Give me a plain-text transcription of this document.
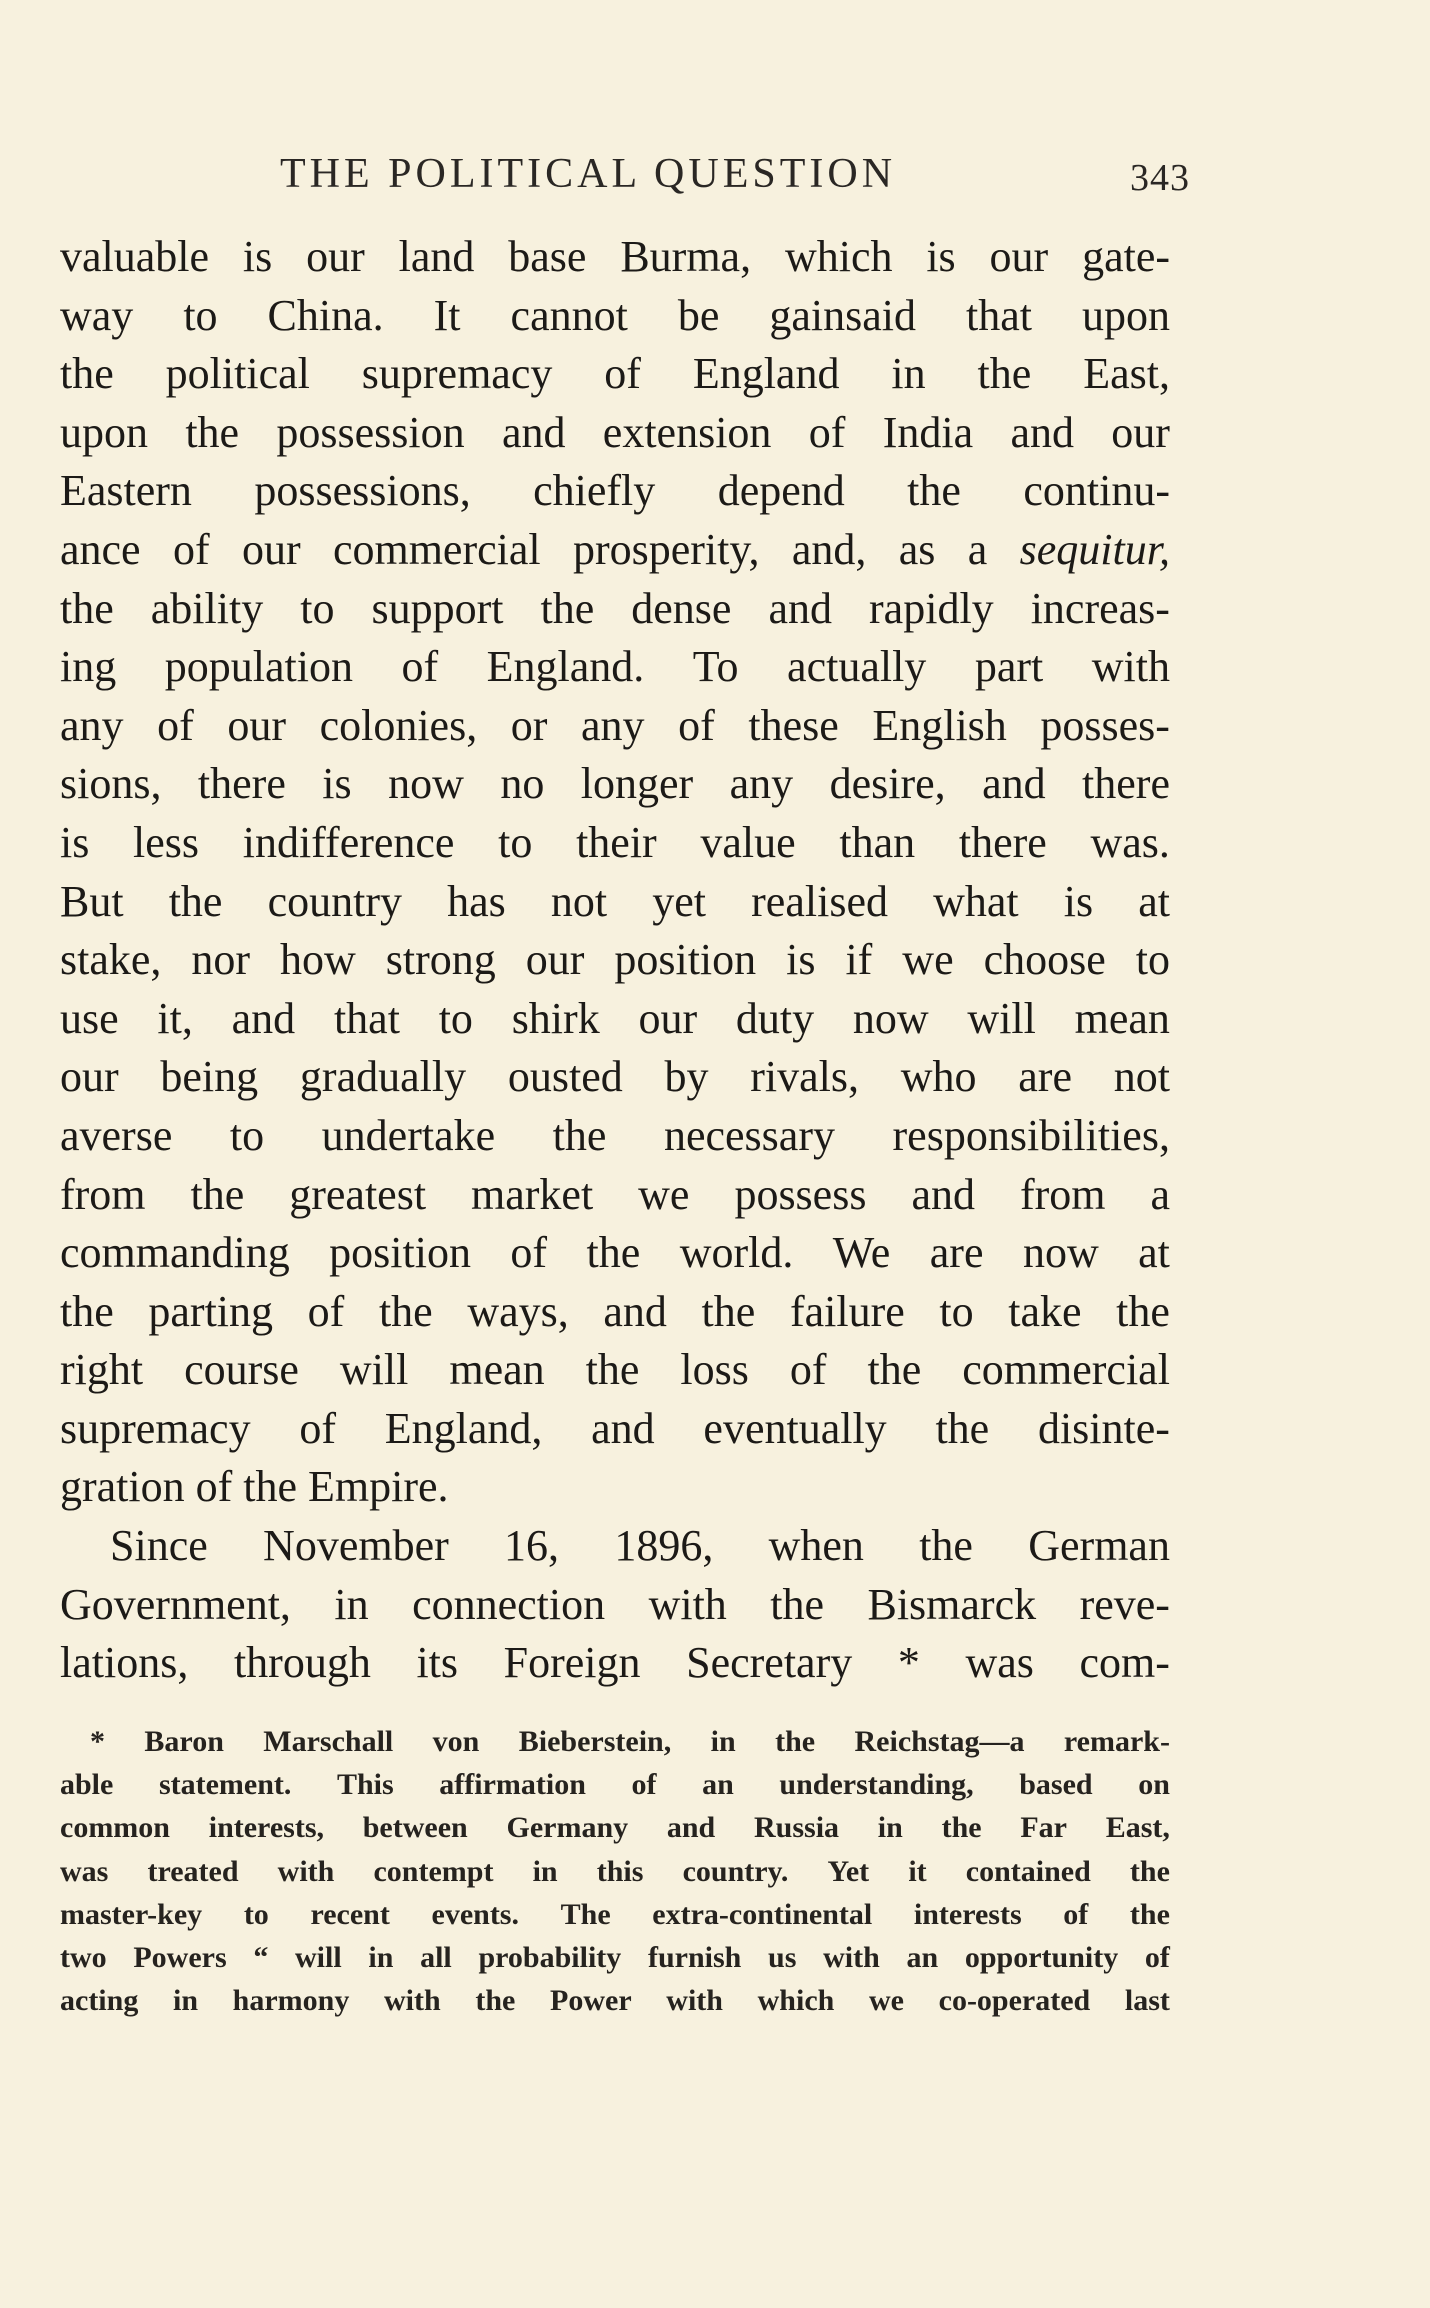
THE POLITICAL QUESTION	343
valuable is our land base Burma, which is our gate-
way to China. It cannot be gainsaid that upon
the political supremacy of England in the East,
upon the possession and extension of India and our
Eastern possessions, chiefly depend the continu-
ance of our commercial prosperity, and, as a sequitur,
the ability to support the dense and rapidly increas-
ing population of England. To actually part with
any of our colonies, or any of these English posses-
sions, there is now no longer any desire, and there
is less indifference to their value than there was.
But the country has not yet realised what is at
stake, nor how strong our position is if we choose to
use it, and that to shirk our duty now will mean
our being gradually ousted by rivals, who are not
averse to undertake the necessary responsibilities,
from the greatest market we possess and from a
commanding position of the world. We are now at
the parting of the ways, and the failure to take the
right course will mean the loss of the commercial
supremacy of England, and eventually the disinte-
gration of the Empire.
Since November 16, 1896, when the German
Government, in connection with the Bismarck reve-
lations, through its Foreign Secretary * was com-
* Baron Marschall von Bieberstein, in the Reichstag—a remark-
able statement. This affirmation of an understanding, based on
common interests, between Germany and Russia in the Far East,
was treated with contempt in this country. Yet it contained the
master-key to recent events. The extra-continental interests of the
two Powers “ will in all probability furnish us with an opportunity of
acting in harmony with the Power with which we co-operated last
